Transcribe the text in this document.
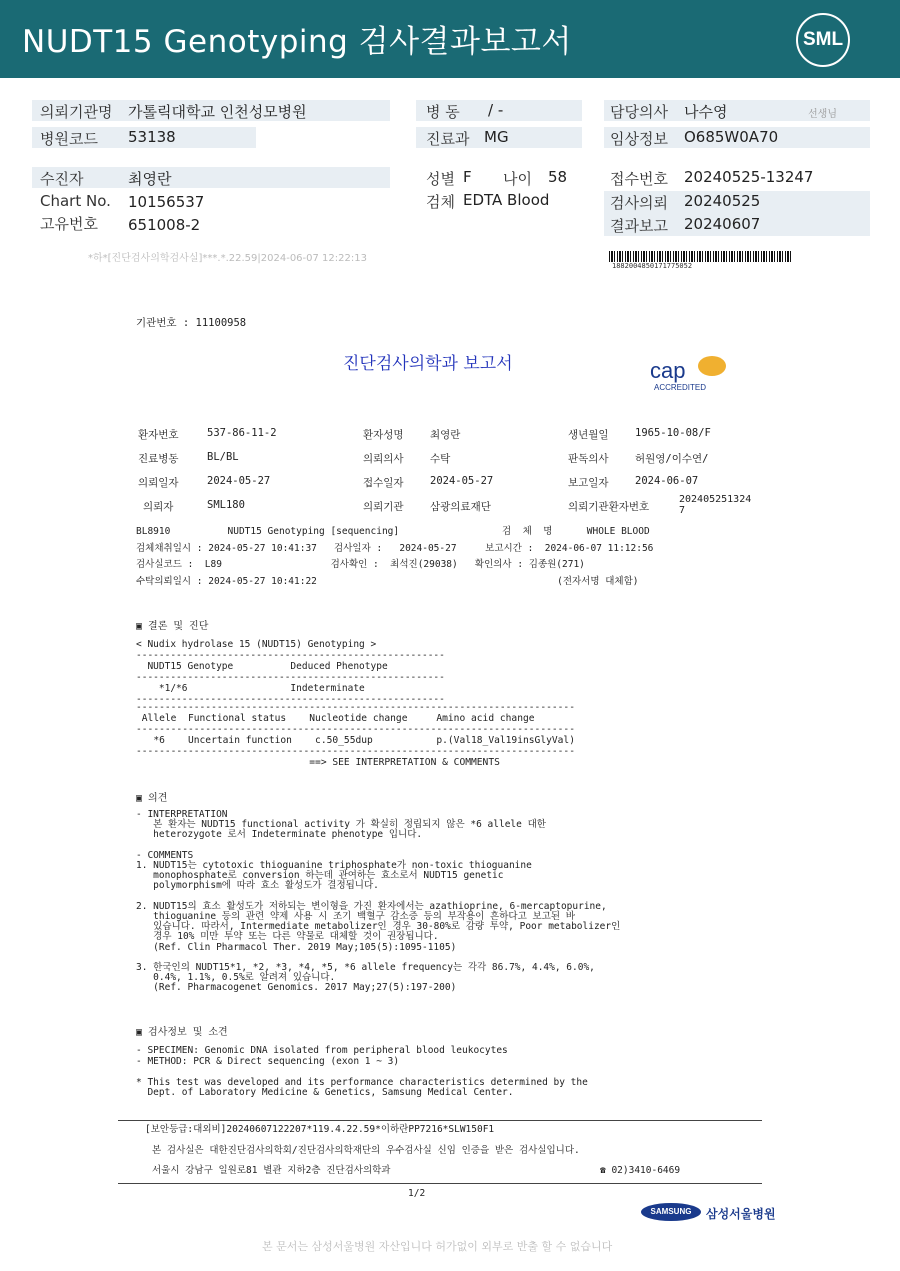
NUDT15 Genotyping 검사결과보고서	SML
의뢰기관명 가톨릭대학교 인천성모병원
병원코드 53138
병 동 / -
진료과 MG
담당의사 나수영	선생님
임상정보 O685W0A70
수진자	최영란
Chart No. 10156537
고유번호 651008-2
성별 F 나이 58
검체 EDTA Blood
접수번호 20240525-13247
검사의뢰 20240525
결과보고 20240607
*하*[진단검사의학검사실]***.*.22.59|2024-06-07 12:22:13
1882004850171775052
기관번호 : 11100958
진단검사의학과 보고서	cap
ACCREDITED
환자번호	537-86-11-2	환자성명	최영란	생년월일	1965-10-08/F
진료병동	BL/BL	의뢰의사	수탁	판독의사	허원영/이수연/
의뢰일자	2024-05-27	접수일자	2024-05-27	보고일자	2024-06-07
의뢰자	SML180	의뢰기관	삼광의료재단	의뢰기관환자번호
202405251324
7
BL8910          NUDT15 Genotyping [sequencing]                  검  체  명      WHOLE BLOOD
검체채취일시 : 2024-05-27 10:41:37   검사일자 :   2024-05-27     보고시간 :  2024-06-07 11:12:56
검사실코드 :  L89                   검사확인 :  최석진(29038)   확인의사 : 김종원(271)
수탁의뢰일시 : 2024-05-27 10:41:22                                          (전자서명 대체함)
▣ 결론 및 진단
< Nudix hydrolase 15 (NUDT15) Genotyping >
------------------------------------------------------
NUDT15 Genotype          Deduced Phenotype
------------------------------------------------------
*1/*6                  Indeterminate
------------------------------------------------------
----------------------------------------------------------------------------
Allele  Functional status    Nucleotide change     Amino acid change
----------------------------------------------------------------------------
*6    Uncertain function    c.50_55dup           p.(Val18_Val19insGlyVal)
----------------------------------------------------------------------------
==> SEE INTERPRETATION & COMMENTS
▣ 의견
- INTERPRETATION
본 환자는 NUDT15 functional activity 가 확실히 정립되지 않은 *6 allele 대한
heterozygote 로서 Indeterminate phenotype 입니다.

- COMMENTS
1. NUDT15는 cytotoxic thioguanine triphosphate가 non-toxic thioguanine
monophosphate로 conversion 하는데 관여하는 효소로서 NUDT15 genetic
polymorphism에 따라 효소 활성도가 결정됩니다.

2. NUDT15의 효소 활성도가 저하되는 변이형을 가진 환자에서는 azathioprine, 6-mercaptopurine,
thioguanine 등의 관련 약제 사용 시 조기 백혈구 감소증 등의 부작용이 흔하다고 보고된 바
있습니다. 따라서, Intermediate metabolizer인 경우 30-80%로 감량 투약, Poor metabolizer인
경우 10% 미만 투약 또는 다른 약물로 대체할 것이 권장됩니다.
(Ref. Clin Pharmacol Ther. 2019 May;105(5):1095-1105)

3. 한국인의 NUDT15*1, *2, *3, *4, *5, *6 allele frequency는 각각 86.7%, 4.4%, 6.0%,
0.4%, 1.1%, 0.5%로 알려져 있습니다.
(Ref. Pharmacogenet Genomics. 2017 May;27(5):197-200)
▣ 검사정보 및 소견
- SPECIMEN: Genomic DNA isolated from peripheral blood leukocytes
- METHOD: PCR & Direct sequencing (exon 1 ~ 3)

* This test was developed and its performance characteristics determined by the
Dept. of Laboratory Medicine & Genetics, Samsung Medical Center.
[보안등급:대외비]20240607122207*119.4.22.59*이하란PP7216*SLW150F1
본 검사실은 대한진단검사의학회/진단검사의학재단의 우수검사실 신임 인증을 받은 검사실입니다.
서울시 강남구 일원로81 별관 지하2층 진단검사의학과	☎ 02)3410-6469
1/2
SAMSUNG	삼성서울병원
본 문서는 삼성서울병원 자산입니다 허가없이 외부로 반출 할 수 없습니다
